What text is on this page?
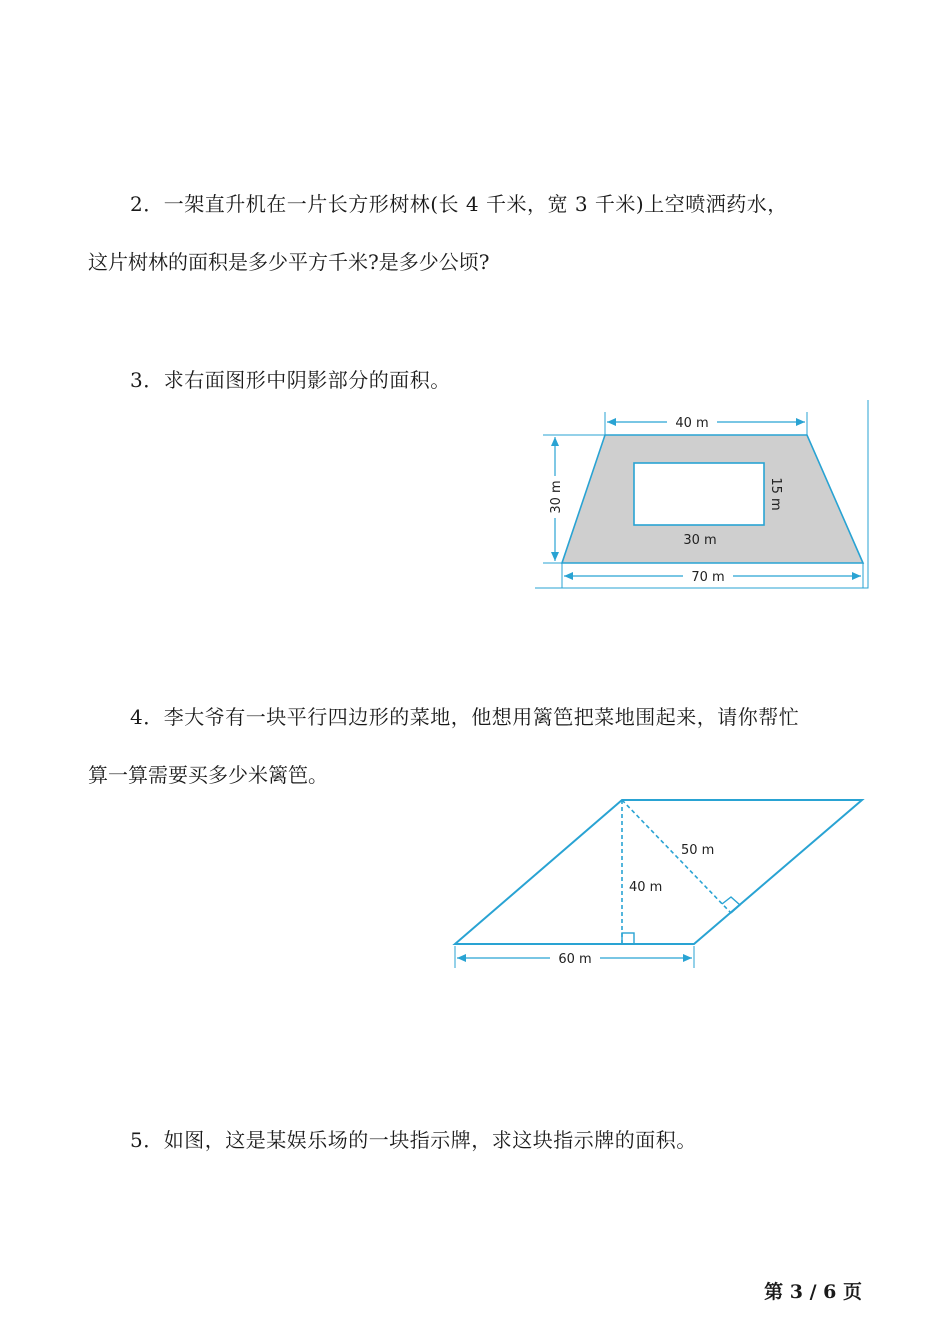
2．一架直升机在一片长方形树林(长 4 千米，宽 3 千米)上空喷洒药水，
这片树林的面积是多少平方千米?是多少公顷?
3．求右面图形中阴影部分的面积。
40 m
30 m	15 m
30 m
70 m
4．李大爷有一块平行四边形的菜地，他想用篱笆把菜地围起来，请你帮忙
算一算需要买多少米篱笆。
50 m
40 m
60 m
5．如图，这是某娱乐场的一块指示牌，求这块指示牌的面积。
第 3 / 6 页
